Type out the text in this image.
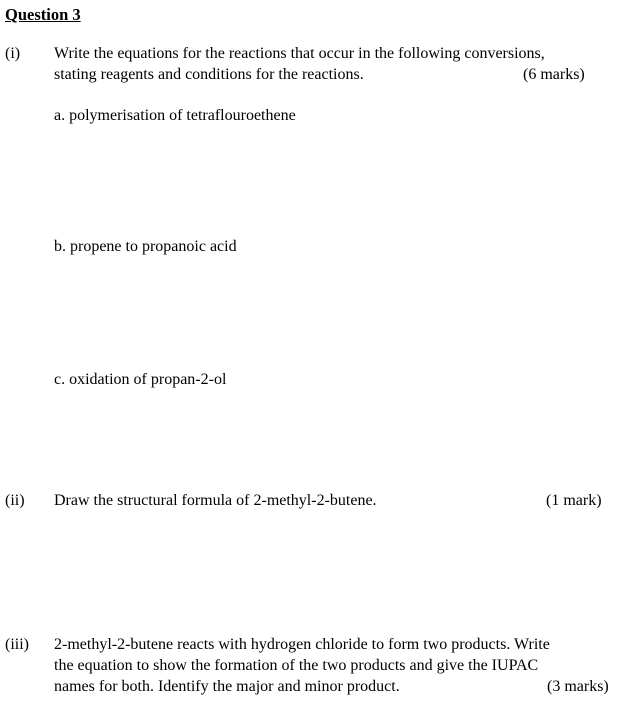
Question 3
(i) Write the equations for the reactions that occur in the following conversions,
stating reagents and conditions for the reactions.	(6 marks)
a. polymerisation of tetraflouroethene
b. propene to propanoic acid
c. oxidation of propan-2-ol
(ii) Draw the structural formula of 2-methyl-2-butene.	(1 mark)
(iii) 2-methyl-2-butene reacts with hydrogen chloride to form two products. Write
the equation to show the formation of the two products and give the IUPAC
names for both. Identify the major and minor product.	(3 marks)
